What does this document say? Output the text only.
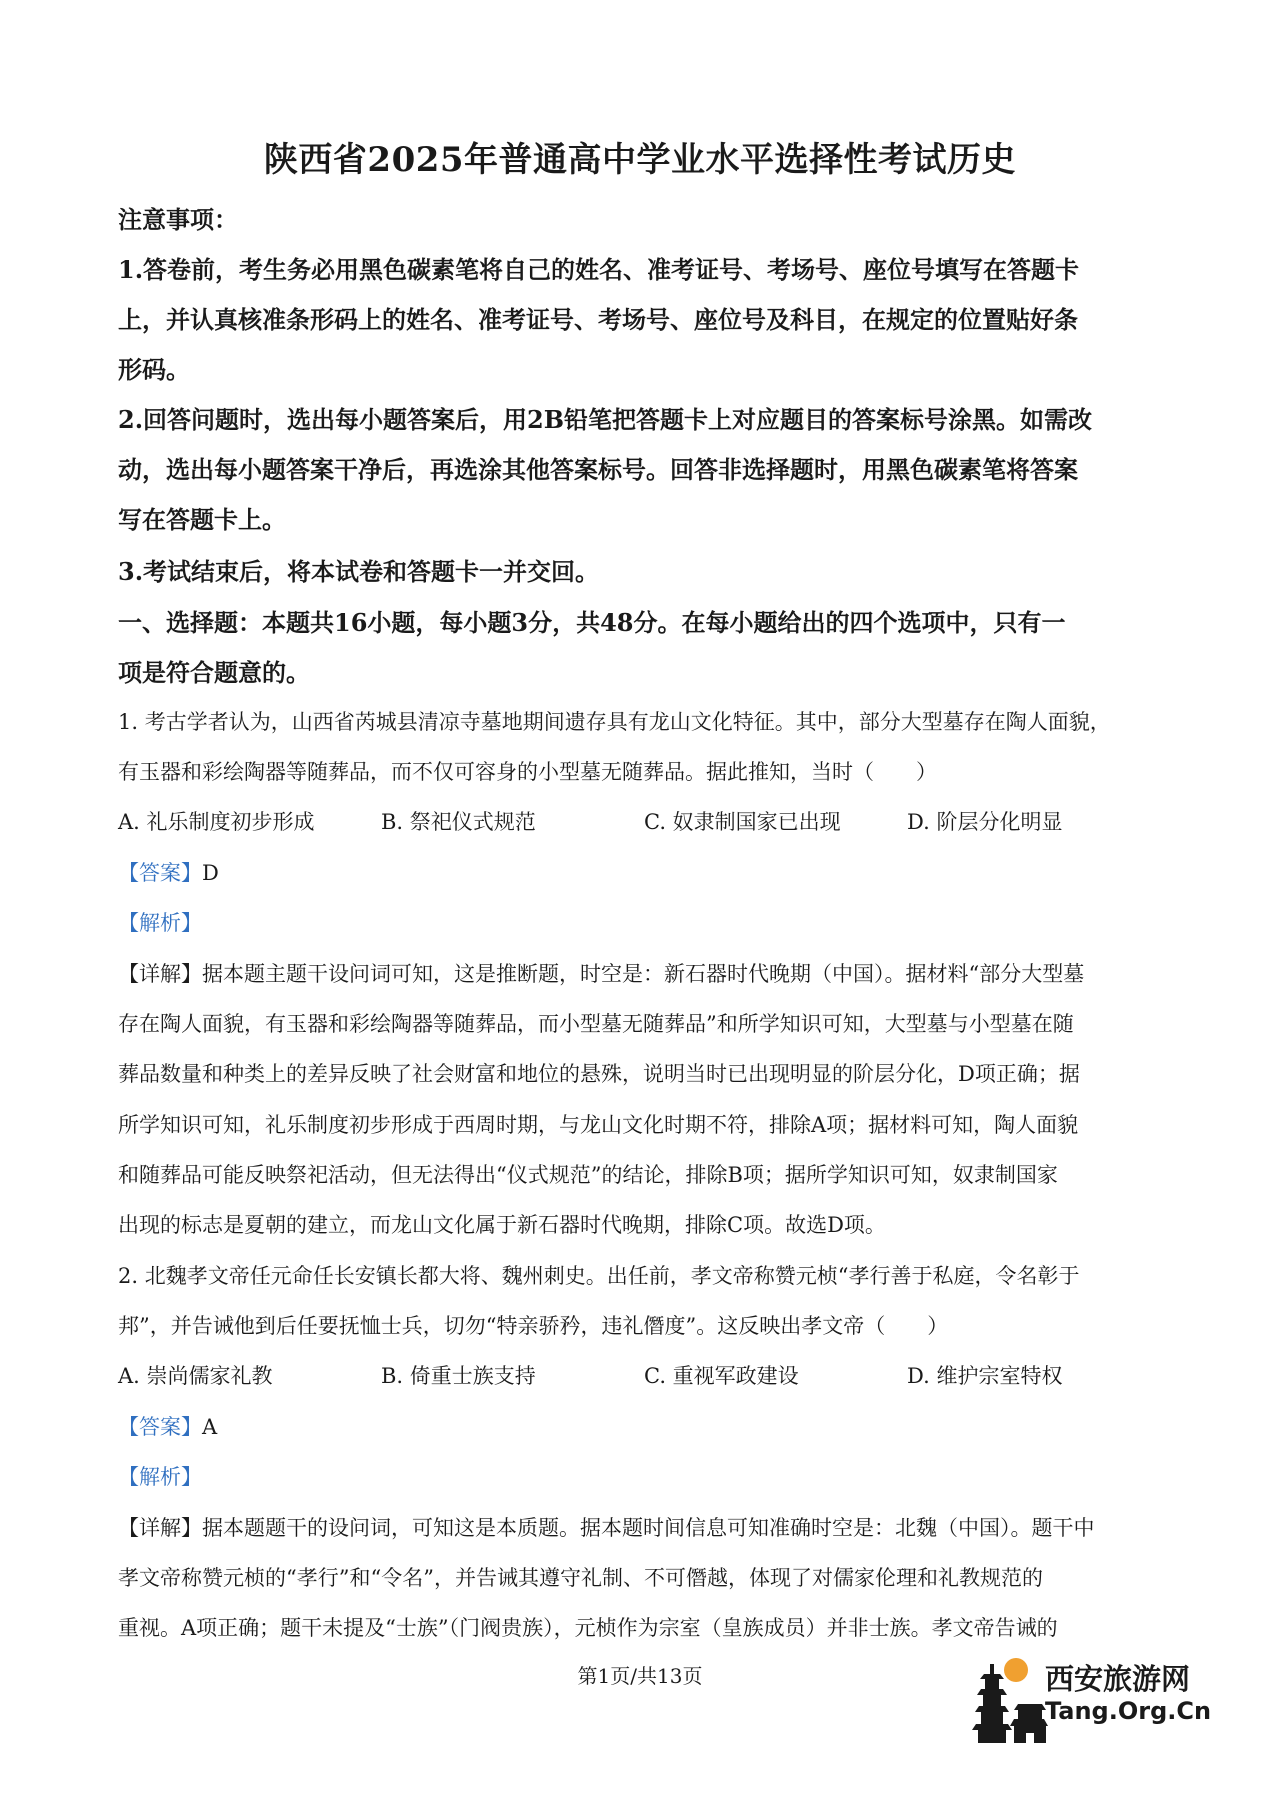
陕西省2025年普通高中学业水平选择性考试历史
注意事项：
1.答卷前，考生务必用黑色碳素笔将自己的姓名、准考证号、考场号、座位号填写在答题卡
上，并认真核准条形码上的姓名、准考证号、考场号、座位号及科目，在规定的位置贴好条
形码。
2.回答问题时，选出每小题答案后，用2B铅笔把答题卡上对应题目的答案标号涂黑。如需改
动，选出每小题答案干净后，再选涂其他答案标号。回答非选择题时，用黑色碳素笔将答案
写在答题卡上。
3.考试结束后，将本试卷和答题卡一并交回。
一、选择题：本题共16小题，每小题3分，共48分。在每小题给出的四个选项中，只有一
项是符合题意的。
1. 考古学者认为，山西省芮城县清凉寺墓地期间遗存具有龙山文化特征。其中，部分大型墓存在陶人面貌，
有玉器和彩绘陶器等随葬品，而不仅可容身的小型墓无随葬品。据此推知，当时（　　）
A. 礼乐制度初步形成	B. 祭祀仪式规范	C. 奴隶制国家已出现	D. 阶层分化明显
【答案】D
【解析】
【详解】据本题主题干设问词可知，这是推断题，时空是：新石器时代晚期（中国）。据材料“部分大型墓
存在陶人面貌，有玉器和彩绘陶器等随葬品，而小型墓无随葬品”和所学知识可知，大型墓与小型墓在随
葬品数量和种类上的差异反映了社会财富和地位的悬殊，说明当时已出现明显的阶层分化，D项正确；据
所学知识可知，礼乐制度初步形成于西周时期，与龙山文化时期不符，排除A项；据材料可知，陶人面貌
和随葬品可能反映祭祀活动，但无法得出“仪式规范”的结论，排除B项；据所学知识可知，奴隶制国家
出现的标志是夏朝的建立，而龙山文化属于新石器时代晚期，排除C项。故选D项。
2. 北魏孝文帝任元命任长安镇长都大将、魏州刺史。出任前，孝文帝称赞元桢“孝行善于私庭，令名彰于
邦”，并告诫他到后任要抚恤士兵，切勿“特亲骄矜，违礼僭度”。这反映出孝文帝（　　）
A. 崇尚儒家礼教	B. 倚重士族支持	C. 重视军政建设	D. 维护宗室特权
【答案】A
【解析】
【详解】据本题题干的设问词，可知这是本质题。据本题时间信息可知准确时空是：北魏（中国）。题干中
孝文帝称赞元桢的“孝行”和“令名”，并告诫其遵守礼制、不可僭越，体现了对儒家伦理和礼教规范的
重视。A项正确；题干未提及“士族”（门阀贵族），元桢作为宗室（皇族成员）并非士族。孝文帝告诫的
第1页/共13页	西安旅游网
Tang.Org.Cn
